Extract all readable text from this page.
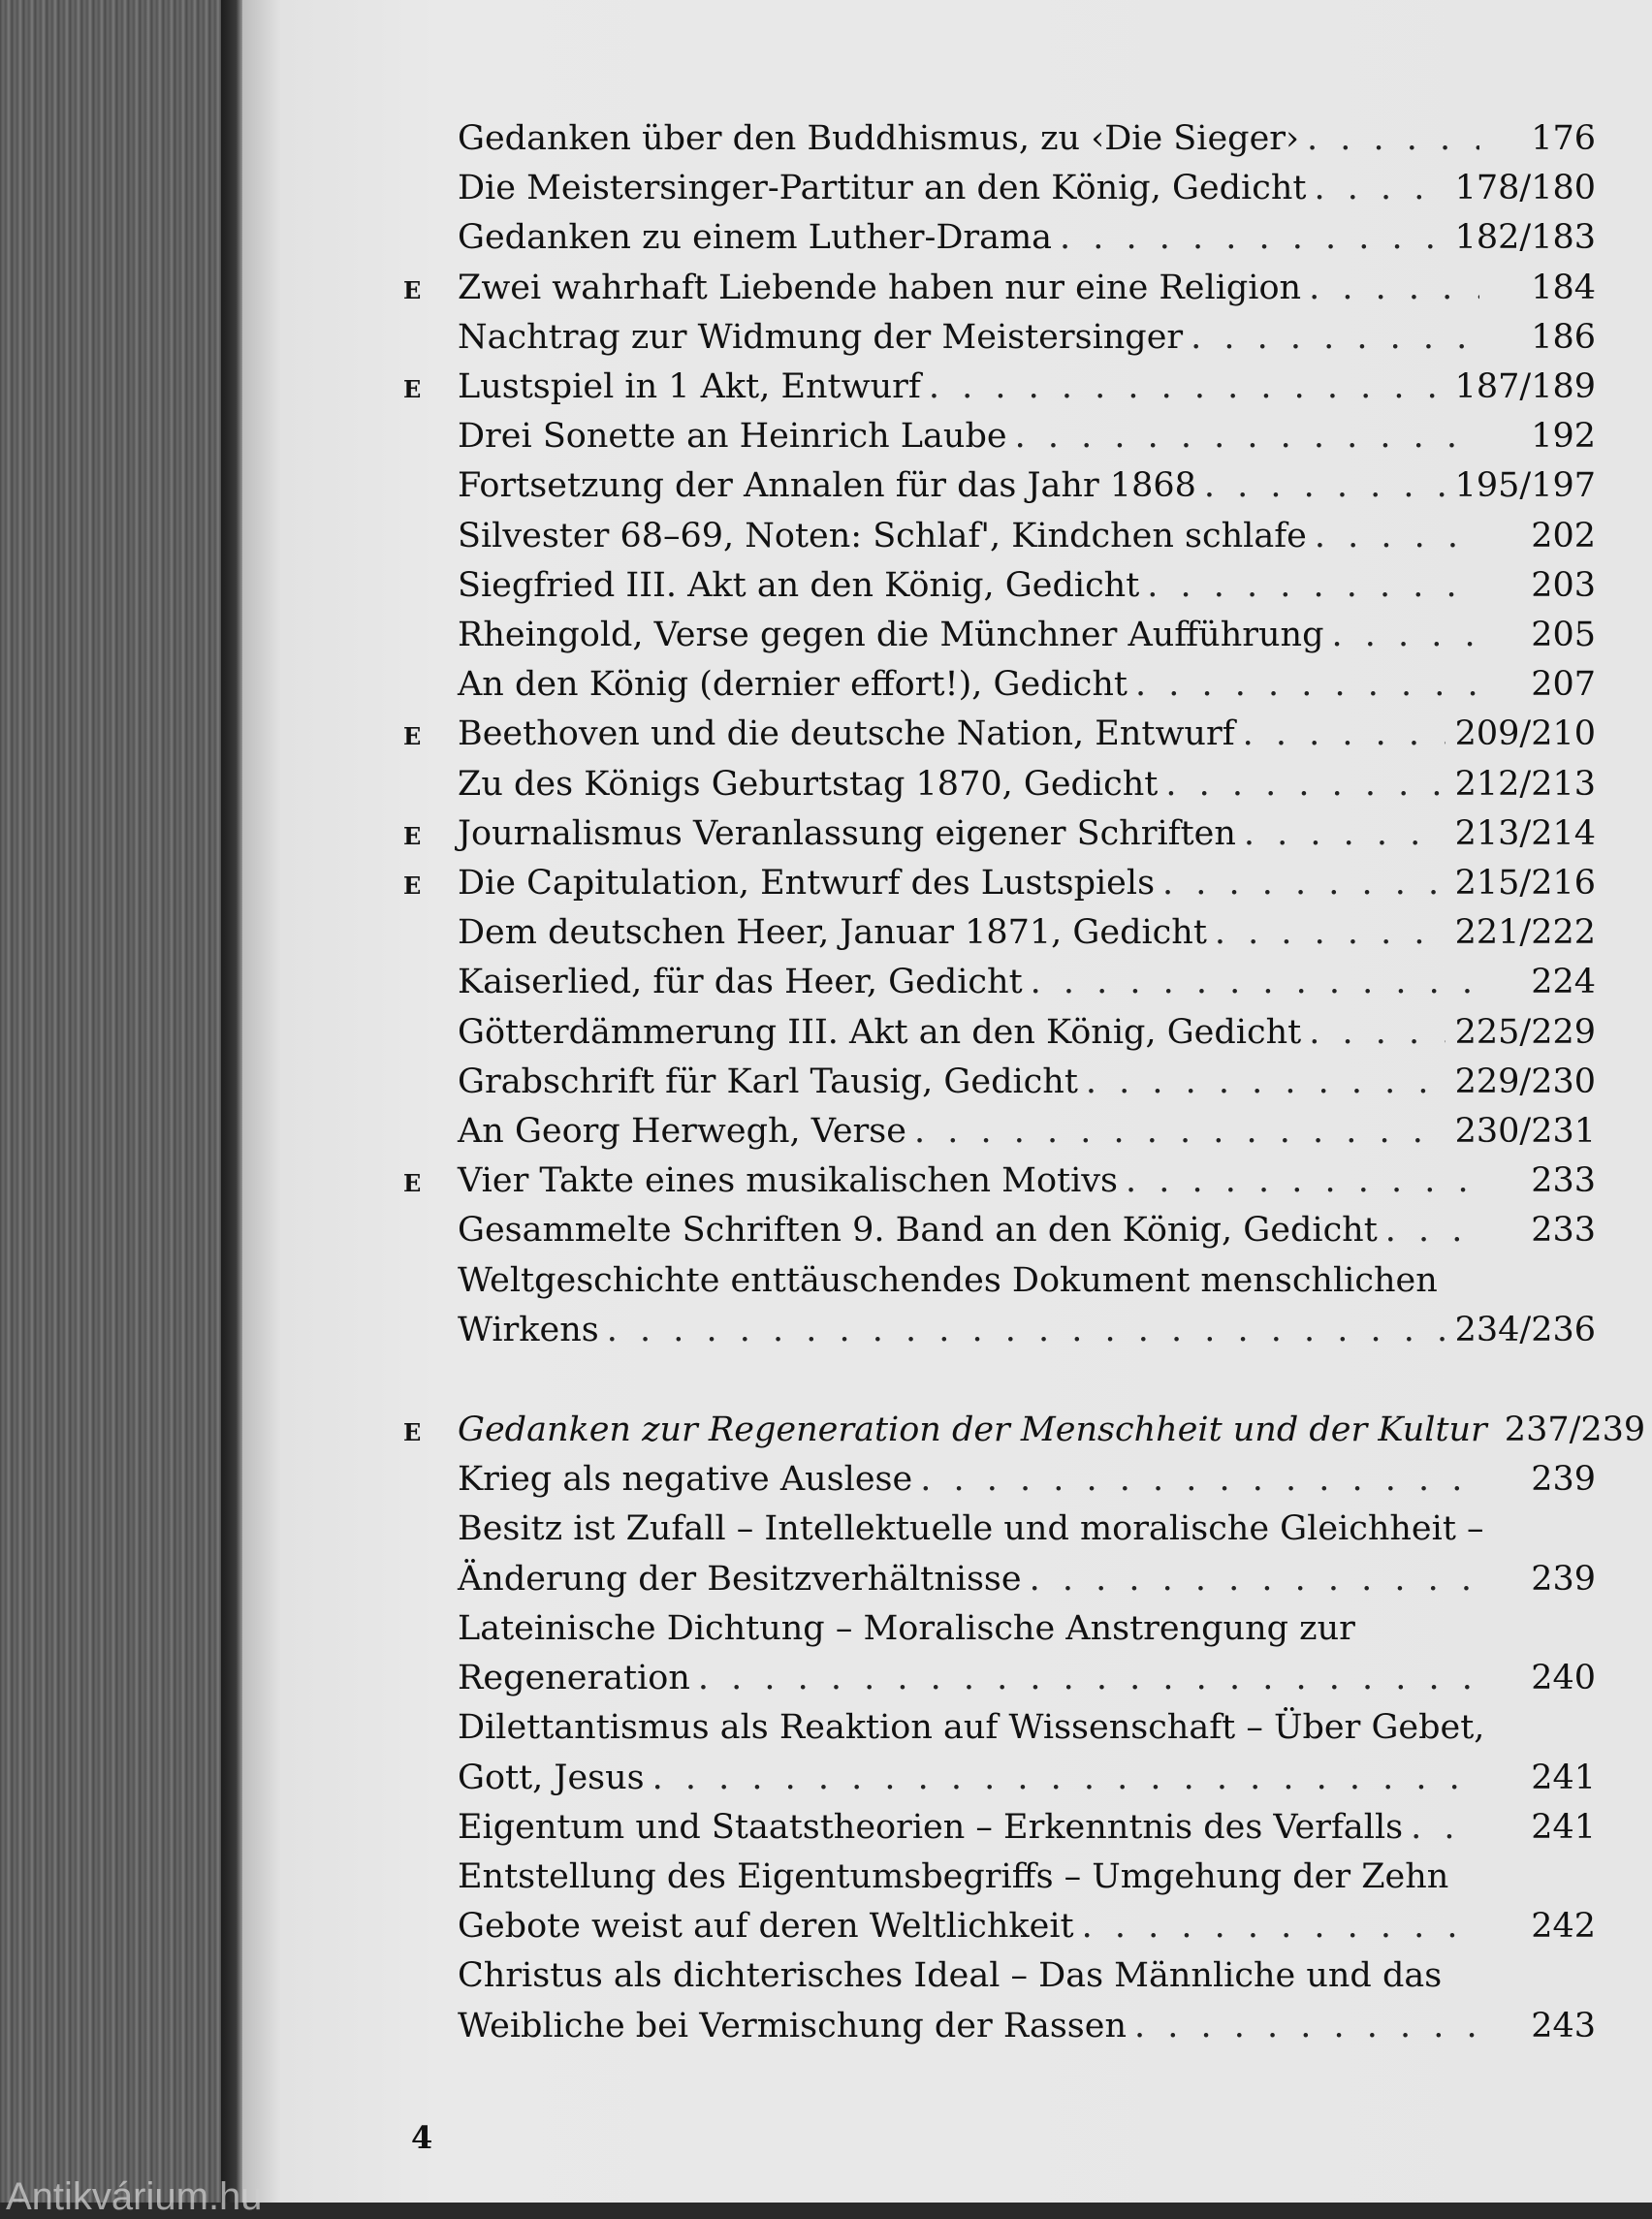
Gedanken über den Buddhismus, zu ‹Die Sieger› . . .	176
Die Meistersinger-Partitur an den König, Gedicht . . .	178/180
Gedanken zu einem Luther-Drama . . .	182/183
E Zwei wahrhaft Liebende haben nur eine Religion . . .	184
Nachtrag zur Widmung der Meistersinger . . .	186
E Lustspiel in 1 Akt, Entwurf . . .	187/189
Drei Sonette an Heinrich Laube . . .	192
Fortsetzung der Annalen für das Jahr 1868 . . .	195/197
Silvester 68–69, Noten: Schlaf', Kindchen schlafe . . .	202
Siegfried III. Akt an den König, Gedicht . . .	203
Rheingold, Verse gegen die Münchner Aufführung . . .	205
An den König (dernier effort!), Gedicht . . .	207
E Beethoven und die deutsche Nation, Entwurf . . .	209/210
Zu des Königs Geburtstag 1870, Gedicht . . .	212/213
E Journalismus Veranlassung eigener Schriften . . .	213/214
E Die Capitulation, Entwurf des Lustspiels . . .	215/216
Dem deutschen Heer, Januar 1871, Gedicht . . .	221/222
Kaiserlied, für das Heer, Gedicht . . .	224
Götterdämmerung III. Akt an den König, Gedicht . . .	225/229
Grabschrift für Karl Tausig, Gedicht . . .	229/230
An Georg Herwegh, Verse . . .	230/231
E Vier Takte eines musikalischen Motivs . . .	233
Gesammelte Schriften 9. Band an den König, Gedicht . . .	233
Weltgeschichte enttäuschendes Dokument menschlichen
Wirkens . . .	234/236
E Gedanken zur Regeneration der Menschheit und der Kultur 237/239
Krieg als negative Auslese . . .	239
Besitz ist Zufall – Intellektuelle und moralische Gleichheit –
Änderung der Besitzverhältnisse . . .	239
Lateinische Dichtung – Moralische Anstrengung zur
Regeneration . . .	240
Dilettantismus als Reaktion auf Wissenschaft – Über Gebet,
Gott, Jesus . . .	241
Eigentum und Staatstheorien – Erkenntnis des Verfalls . . .	241
Entstellung des Eigentumsbegriffs – Umgehung der Zehn
Gebote weist auf deren Weltlichkeit . . .	242
Christus als dichterisches Ideal – Das Männliche und das
Weibliche bei Vermischung der Rassen . . .	243
4
Antikvárium.hu
